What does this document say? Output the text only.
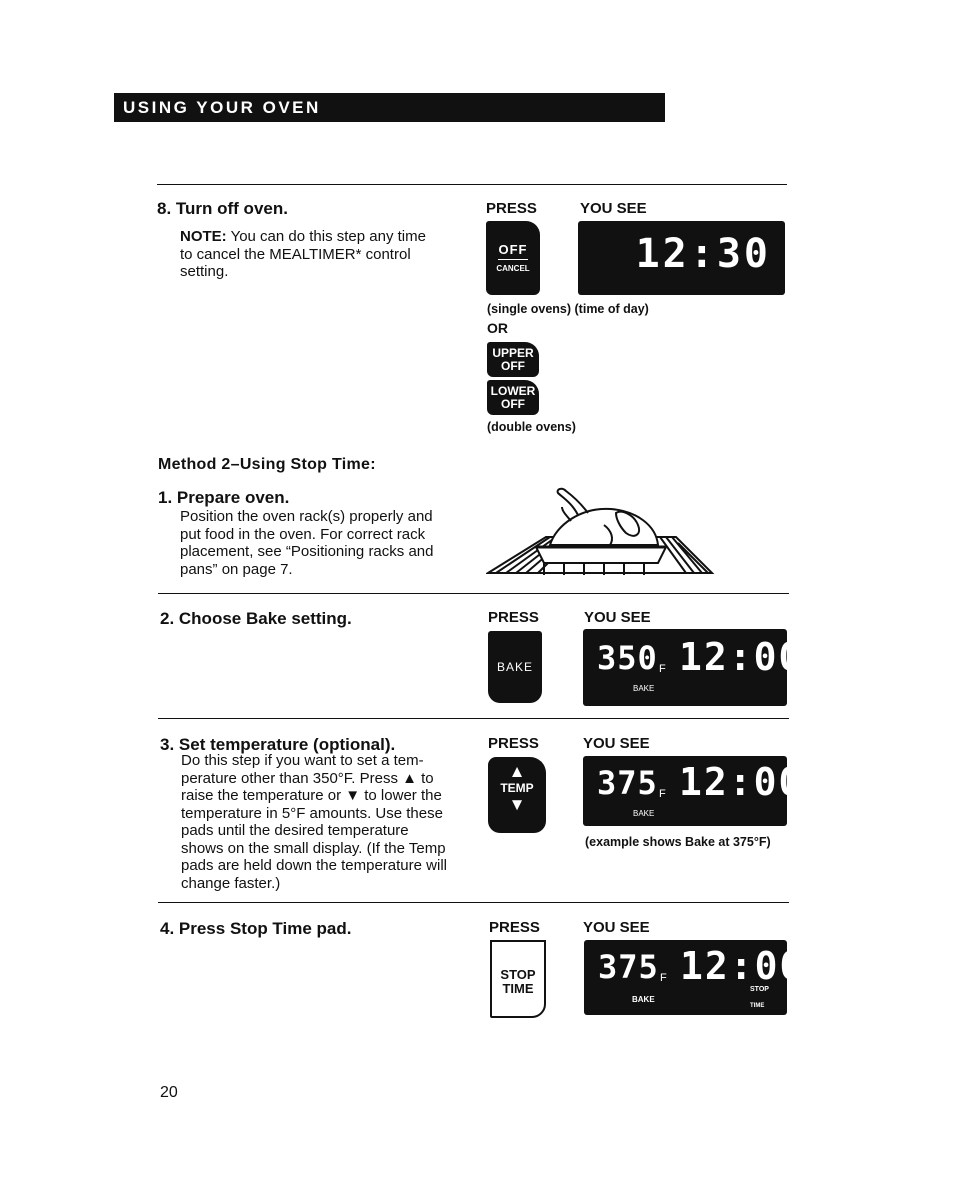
USING YOUR OVEN
8. Turn off oven.
NOTE: You can do this step any time
to cancel the MEALTIMER* control
setting.
PRESS	YOU SEE
OFF
CANCEL	12:30
(single ovens) (time of day)
OR
UPPER
OFF
LOWER
OFF
(double ovens)
Method 2–Using Stop Time:
1. Prepare oven.
Position the oven rack(s) properly and
put food in the oven. For correct rack
placement, see “Positioning racks and
pans” on page 7.
2. Choose Bake setting.	PRESS	YOU SEE
BAKE 350 F 12:00
BAKE
3. Set temperature (optional).
Do this step if you want to set a tem-
perature other than 350°F. Press ▲ to
raise the temperature or ▼ to lower the
temperature in 5°F amounts. Use these
pads until the desired temperature
shows on the small display. (If the Temp
pads are held down the temperature will
change faster.)
PRESS	YOU SEE
▲
TEMP
▼
375 F 12:00
BAKE
(example shows Bake at 375°F)
4. Press Stop Time pad.	PRESS	YOU SEE
STOP
TIME
375 F 12:00
BAKE
STOP
TIME
20
